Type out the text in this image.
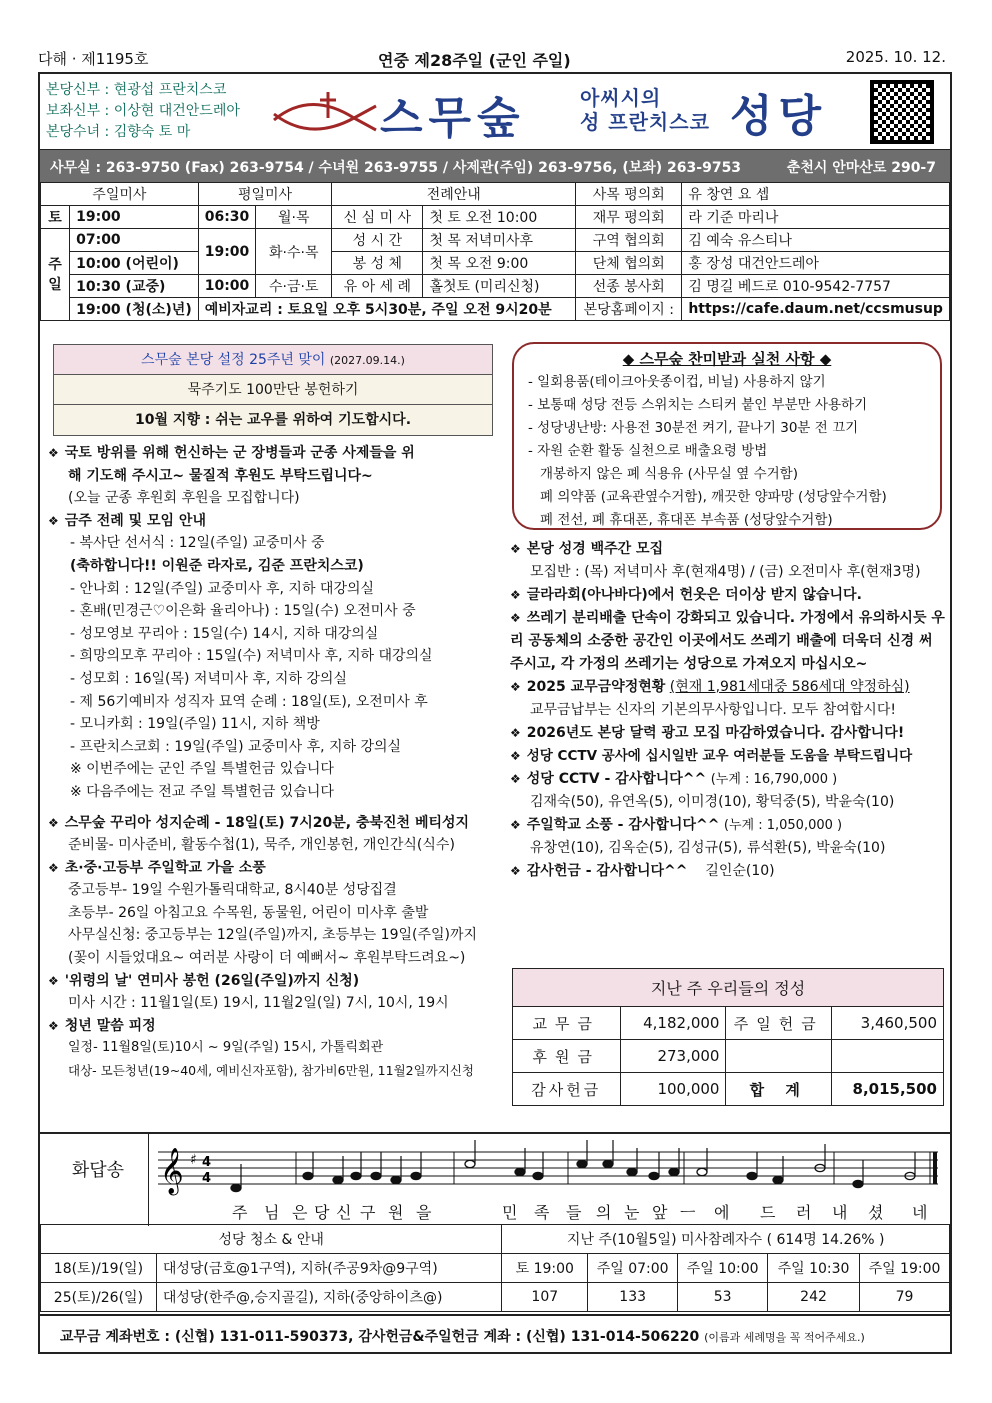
다해 · 제1195호	연중 제28주일 (군인 주일)	2025. 10. 12.
본당신부 : 현광섭 프란치스코
보좌신부 : 이상현 대건안드레아
본당수녀 : 김향숙 토 마	스무숲	아씨시의
성 프란치스코 성당
사무실 : 263-9750 (Fax) 263-9754 / 수녀원 263-9755 / 사제관(주임) 263-9756, (보좌) 263-9753	춘천시 안마산로 290-7
주일미사		평일미사		전례안내		사목 평의회	유 창연 요 셉
토	19:00	06:30	월·목	신 심 미 사	첫 토 오전 10:00	재무 평의회	라 기준 마리나
주일	07:00	19:00	화·수·목	성 시 간	첫 목 저녁미사후	구역 협의회	김 예숙 유스티나
	10:00 (어린이)			봉 성 체	첫 목 오전 9:00	단체 협의회	홍 장성 대건안드레아
	10:30 (교중)	10:00	수·금·토	유 아 세 례	홀첫토 (미리신청)	선종 봉사회	김 명길 베드로 010-9542-7757
	19:00 (청(소)년)	예비자교리 : 토요일 오후 5시30분, 주일 오전 9시20분				본당홈페이지 :	https://cafe.daum.net/ccsmusup
스무숲 본당 설정 25주년 맞이 (2027.09.14.)
묵주기도 100만단 봉헌하기
10월 지향 : 쉬는 교우를 위하여 기도합시다.
❖ 국토 방위를 위해 헌신하는 군 장병들과 군종 사제들을 위
해 기도해 주시고~ 물질적 후원도 부탁드립니다~
(오늘 군종 후원회 후원을 모집합니다)
❖ 금주 전례 및 모임 안내
- 복사단 선서식 : 12일(주일) 교중미사 중
(축하합니다!! 이원준 라자로, 김준 프란치스코)
- 안나회 : 12일(주일) 교중미사 후, 지하 대강의실
- 혼배(민경근♡이은화 율리아나) : 15일(수) 오전미사 중
- 성모영보 꾸리아 : 15일(수) 14시, 지하 대강의실
- 희망의모후 꾸리아 : 15일(수) 저녁미사 후, 지하 대강의실
- 성모회 : 16일(목) 저녁미사 후, 지하 강의실
- 제 56기예비자 성직자 묘역 순례 : 18일(토), 오전미사 후
- 모니카회 : 19일(주일) 11시, 지하 책방
- 프란치스코회 : 19일(주일) 교중미사 후, 지하 강의실
※ 이번주에는 군인 주일 특별헌금 있습니다
※ 다음주에는 전교 주일 특별헌금 있습니다
❖ 스무숲 꾸리아 성지순례 - 18일(토) 7시20분, 충북진천 베티성지
준비물- 미사준비, 활동수첩(1), 묵주, 개인봉헌, 개인간식(식수)
❖ 초·중·고등부 주일학교 가을 소풍
중고등부- 19일 수원가톨릭대학교, 8시40분 성당집결
초등부- 26일 아침고요 수목원, 동물원, 어린이 미사후 출발
사무실신청: 중고등부는 12일(주일)까지, 초등부는 19일(주일)까지
(꽃이 시들었대요~ 여러분 사랑이 더 예뻐서~ 후원부탁드려요~)
❖ '위령의 날' 연미사 봉헌 (26일(주일)까지 신청)
미사 시간 : 11월1일(토) 19시, 11월2일(일) 7시, 10시, 19시
❖ 청년 말씀 피정
일정- 11월8일(토)10시 ~ 9일(주일) 15시, 가톨릭회관
대상- 모든청년(19~40세, 예비신자포함), 참가비6만원, 11월2일까지신청
◆ 스무숲 찬미받과 실천 사항 ◆
- 일회용품(테이크아웃종이컵, 비닐) 사용하지 않기
- 보통때 성당 전등 스위치는 스티커 붙인 부분만 사용하기
- 성당냉난방: 사용전 30분전 켜기, 끝나기 30분 전 끄기
- 자원 순환 활동 실천으로 배출요령 방법
개봉하지 않은 폐 식용유 (사무실 옆 수거함)
폐 의약품 (교육관옆수거함), 깨끗한 양파망 (성당앞수거함)
폐 전선, 폐 휴대폰, 휴대폰 부속품 (성당앞수거함)
❖ 본당 성경 백주간 모집
모집반 : (목) 저녁미사 후(현재4명) / (금) 오전미사 후(현재3명)
❖ 글라라회(아나바다)에서 헌옷은 더이상 받지 않습니다.
❖ 쓰레기 분리배출 단속이 강화되고 있습니다. 가정에서 유의하시듯 우리 공동체의 소중한 공간인 이곳에서도 쓰레기 배출에 더욱더 신경 써 주시고, 각 가정의 쓰레기는 성당으로 가져오지 마십시오~
❖ 2025 교무금약정현황 (현재 1,981세대중 586세대 약정하심)
교무금납부는 신자의 기본의무사항입니다. 모두 참여합시다!
❖ 2026년도 본당 달력 광고 모집 마감하였습니다. 감사합니다!
❖ 성당 CCTV 공사에 십시일반 교우 여러분들 도움을 부탁드립니다
❖ 성당 CCTV - 감사합니다^^ (누계 : 16,790,000 )
김재숙(50), 유연옥(5), 이미경(10), 황덕중(5), 박윤숙(10)
❖ 주일학교 소풍 - 감사합니다^^ (누계 : 1,050,000 )
유창연(10), 김옥순(5), 김성규(5), 류석환(5), 박윤숙(10)
❖ 감사헌금 - 감사합니다^^ 길인순(10)
지난 주 우리들의 정성			
교무금	4,182,000	주일헌금	3,460,500
후원금	273,000		
감사헌금	100,000	합 계	8,015,500
화답송 𝄞 ♯ 4
4
주 님 은 당 신 구 원 을	민 족 들 의 눈 앞 ㅡ 에 드 러 내 셨 네
성당 청소 & 안내		지난 주(10월5일) 미사참례자수 ( 614명 14.26% )				
18(토)/19(일)	대성당(금호@1구역), 지하(주공9차@9구역)	토 19:00	주일 07:00	주일 10:00	주일 10:30	주일 19:00
25(토)/26(일)	대성당(한주@,승지골길), 지하(중앙하이츠@)	107	133	53	242	79
교무금 계좌번호 : (신협) 131-011-590373, 감사헌금&주일헌금 계좌 : (신협) 131-014-506220 (이름과 세례명을 꼭 적어주세요.)
